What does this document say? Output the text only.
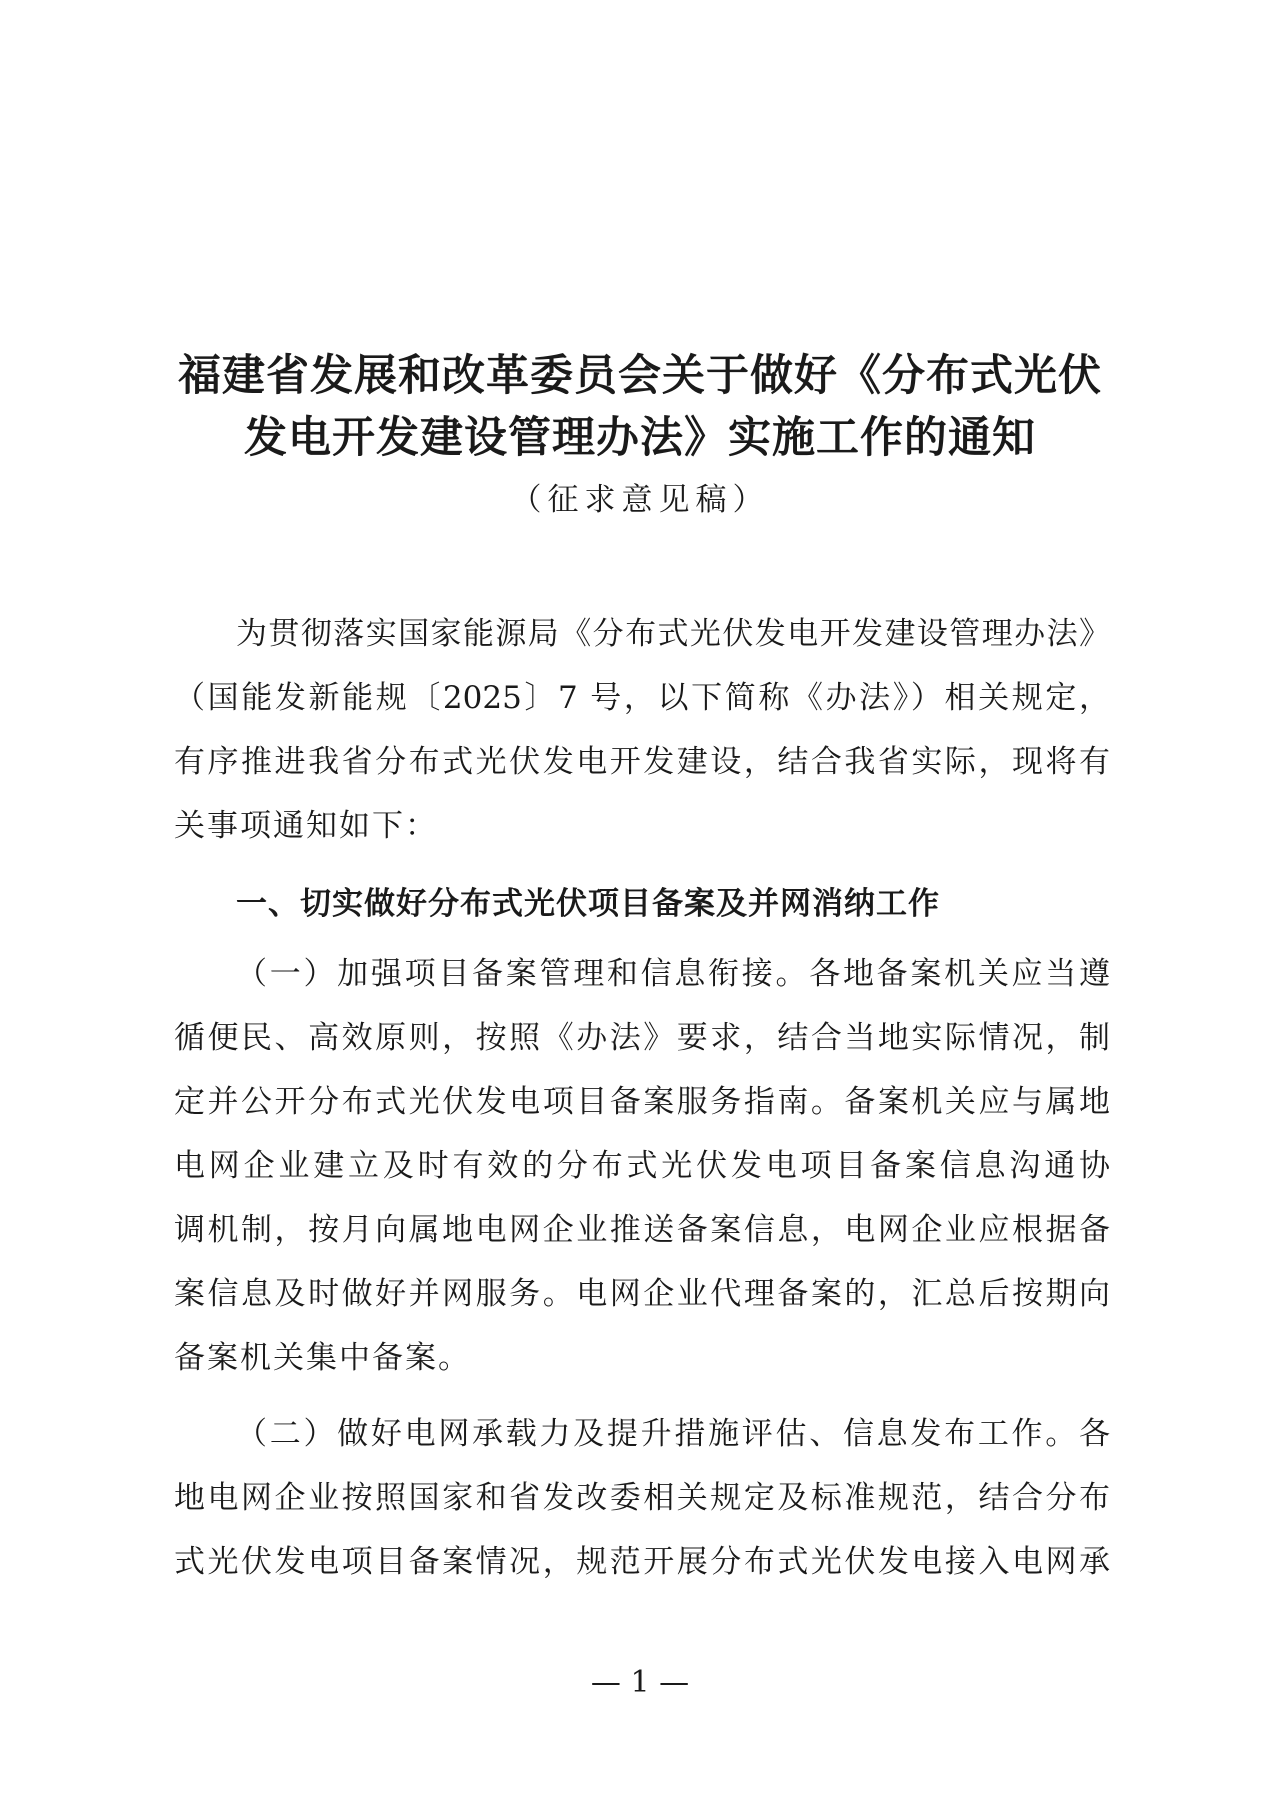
福建省发展和改革委员会关于做好《分布式光伏
发电开发建设管理办法》实施工作的通知
（征求意见稿）
为贯彻落实国家能源局《分布式光伏发电开发建设管理办法》
（国能发新能规〔2025〕7 号，以下简称《办法》）相关规定，
有序推进我省分布式光伏发电开发建设，结合我省实际，现将有
关事项通知如下：
一、切实做好分布式光伏项目备案及并网消纳工作
（一）加强项目备案管理和信息衔接。各地备案机关应当遵
循便民、高效原则，按照《办法》要求，结合当地实际情况，制
定并公开分布式光伏发电项目备案服务指南。备案机关应与属地
电网企业建立及时有效的分布式光伏发电项目备案信息沟通协
调机制，按月向属地电网企业推送备案信息，电网企业应根据备
案信息及时做好并网服务。电网企业代理备案的，汇总后按期向
备案机关集中备案。
（二）做好电网承载力及提升措施评估、信息发布工作。各
地电网企业按照国家和省发改委相关规定及标准规范，结合分布
式光伏发电项目备案情况，规范开展分布式光伏发电接入电网承
— 1 —
